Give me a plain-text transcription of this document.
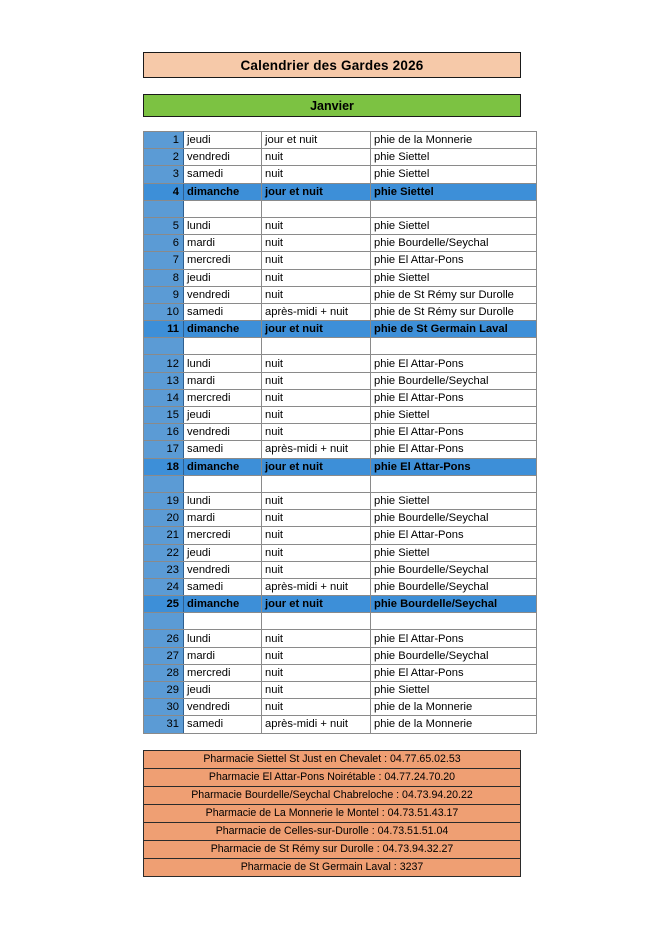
Calendrier des Gardes 2026
Janvier
1	jeudi	jour et nuit	phie de la Monnerie
2	vendredi	nuit	phie Siettel
3	samedi	nuit	phie Siettel
4	dimanche	jour et nuit	phie Siettel

5	lundi	nuit	phie Siettel
6	mardi	nuit	phie Bourdelle/Seychal
7	mercredi	nuit	phie El Attar-Pons
8	jeudi	nuit	phie Siettel
9	vendredi	nuit	phie de St Rémy sur Durolle
10	samedi	après-midi + nuit	phie de St Rémy sur Durolle
11	dimanche	jour et nuit	phie de St Germain Laval

12	lundi	nuit	phie El Attar-Pons
13	mardi	nuit	phie Bourdelle/Seychal
14	mercredi	nuit	phie El Attar-Pons
15	jeudi	nuit	phie Siettel
16	vendredi	nuit	phie El Attar-Pons
17	samedi	après-midi + nuit	phie El Attar-Pons
18	dimanche	jour et nuit	phie El Attar-Pons

19	lundi	nuit	phie Siettel
20	mardi	nuit	phie Bourdelle/Seychal
21	mercredi	nuit	phie El Attar-Pons
22	jeudi	nuit	phie Siettel
23	vendredi	nuit	phie Bourdelle/Seychal
24	samedi	après-midi + nuit	phie Bourdelle/Seychal
25	dimanche	jour et nuit	phie Bourdelle/Seychal

26	lundi	nuit	phie El Attar-Pons
27	mardi	nuit	phie Bourdelle/Seychal
28	mercredi	nuit	phie El Attar-Pons
29	jeudi	nuit	phie Siettel
30	vendredi	nuit	phie de la Monnerie
31	samedi	après-midi + nuit	phie de la Monnerie
Pharmacie Siettel St Just en Chevalet : 04.77.65.02.53
Pharmacie El Attar-Pons Noirétable : 04.77.24.70.20
Pharmacie Bourdelle/Seychal Chabreloche : 04.73.94.20.22
Pharmacie de La Monnerie le Montel : 04.73.51.43.17
Pharmacie de Celles-sur-Durolle : 04.73.51.51.04
Pharmacie de St Rémy sur Durolle : 04.73.94.32.27
Pharmacie de St Germain Laval : 3237
